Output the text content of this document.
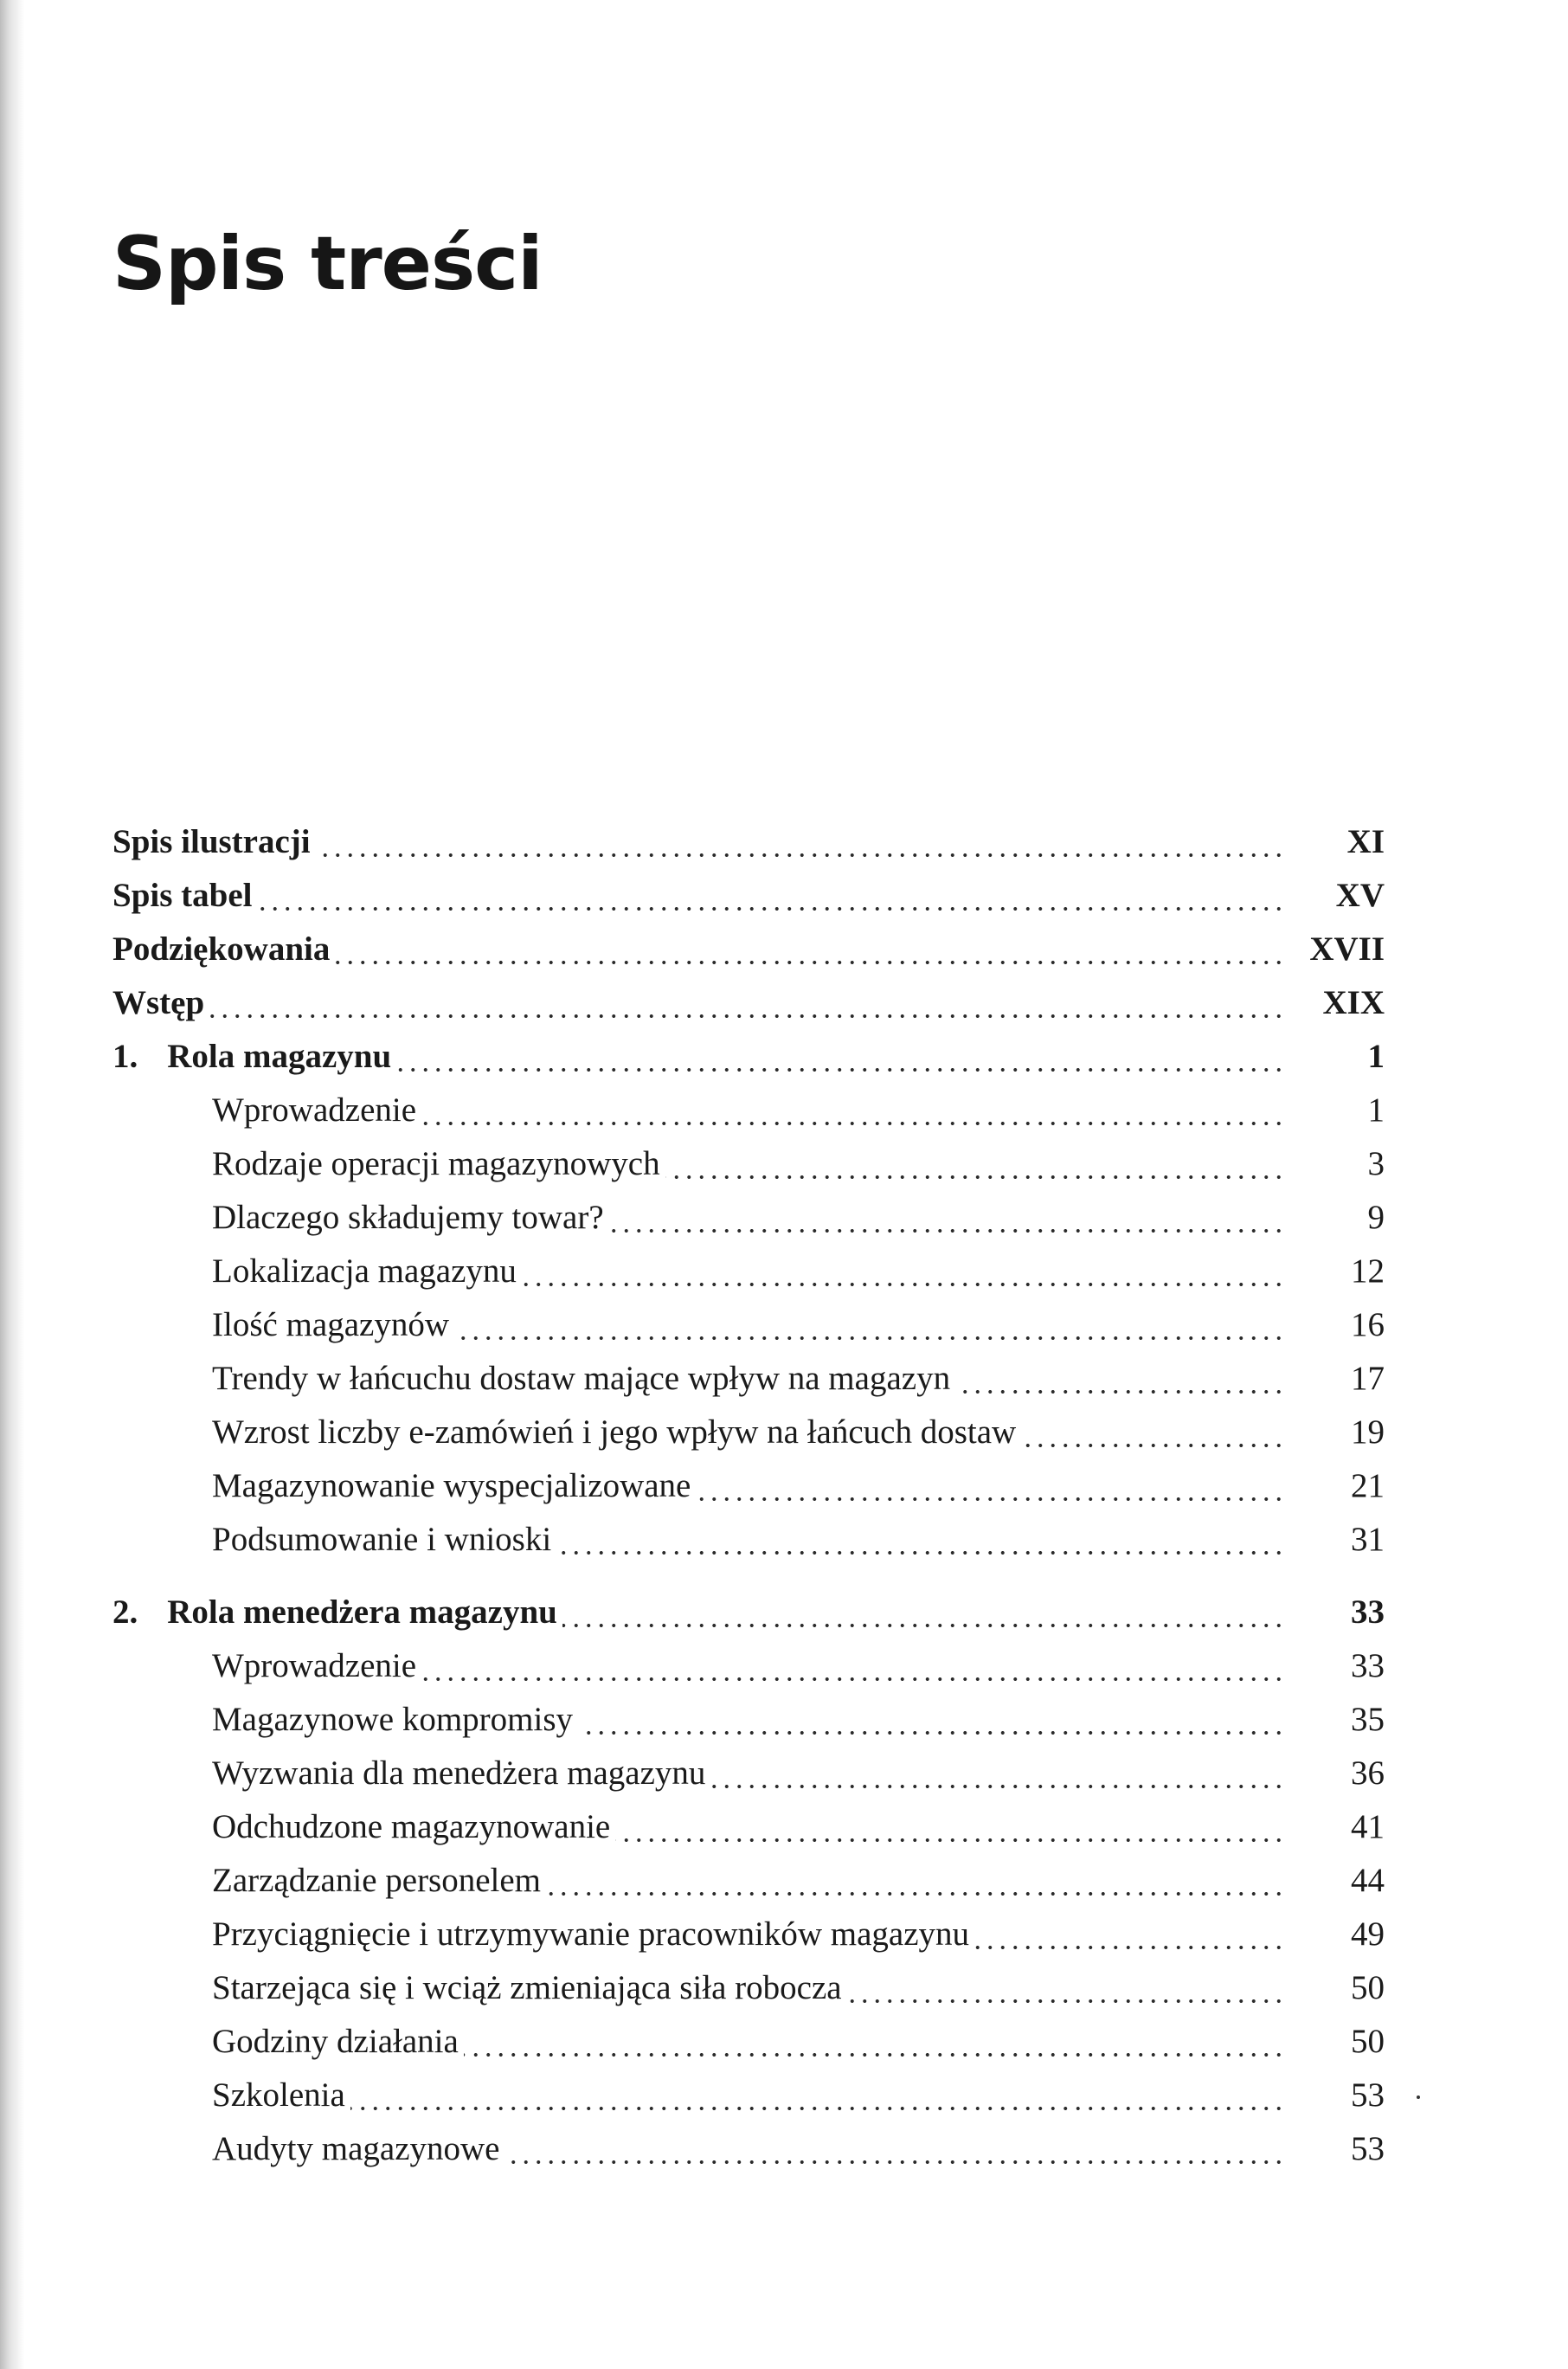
Spis treści
Spis ilustracji	XI
Spis tabel	XV
Podziękowania	XVII
Wstęp	XIX
1. Rola magazynu	1
Wprowadzenie	1
Rodzaje operacji magazynowych	3
Dlaczego składujemy towar?	9
Lokalizacja magazynu	12
Ilość magazynów	16
Trendy w łańcuchu dostaw mające wpływ na magazyn	17
Wzrost liczby e-zamówień i jego wpływ na łańcuch dostaw	19
Magazynowanie wyspecjalizowane	21
Podsumowanie i wnioski	31
2. Rola menedżera magazynu	33
Wprowadzenie	33
Magazynowe kompromisy	35
Wyzwania dla menedżera magazynu	36
Odchudzone magazynowanie	41
Zarządzanie personelem	44
Przyciągnięcie i utrzymywanie pracowników magazynu	49
Starzejąca się i wciąż zmieniająca siła robocza	50
Godziny działania	50
Szkolenia	53
Audyty magazynowe	53
